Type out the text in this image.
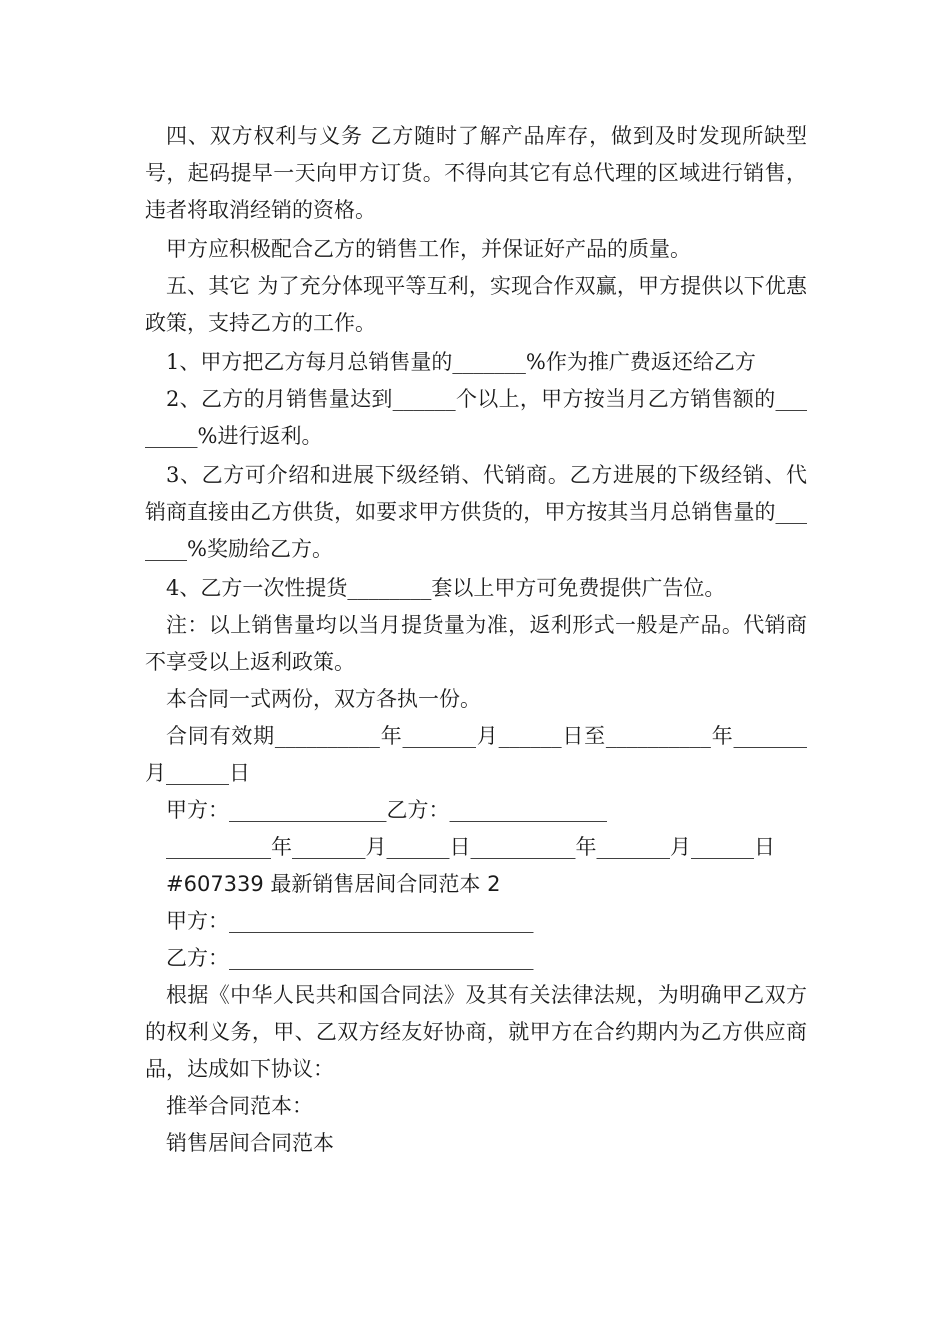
四、双方权利与义务 乙方随时了解产品库存，做到及时发现所缺型号，起码提早一天向甲方订货。不得向其它有总代理的区域进行销售，违者将取消经销的资格。

甲方应积极配合乙方的销售工作，并保证好产品的质量。

五、其它 为了充分体现平等互利，实现合作双赢，甲方提供以下优惠政策，支持乙方的工作。

1、甲方把乙方每月总销售量的_______%作为推广费返还给乙方

2、乙方的月销售量达到______个以上，甲方按当月乙方销售额的________%进行返利。

3、乙方可介绍和进展下级经销、代销商。乙方进展的下级经销、代销商直接由乙方供货，如要求甲方供货的，甲方按其当月总销售量的_______%奖励给乙方。

4、乙方一次性提货________套以上甲方可免费提供广告位。

注：以上销售量均以当月提货量为准，返利形式一般是产品。代销商不享受以上返利政策。

本合同一式两份，双方各执一份。

合同有效期__________年_______月______日至__________年_______月______日

甲方：_______________乙方：_______________

__________年_______月______日__________年_______月______日

#607339 最新销售居间合同范本 2

甲方：_____________________________

乙方：_____________________________

根据《中华人民共和国合同法》及其有关法律法规，为明确甲乙双方的权利义务，甲、乙双方经友好协商，就甲方在合约期内为乙方供应商品，达成如下协议：

推举合同范本：

销售居间合同范本
